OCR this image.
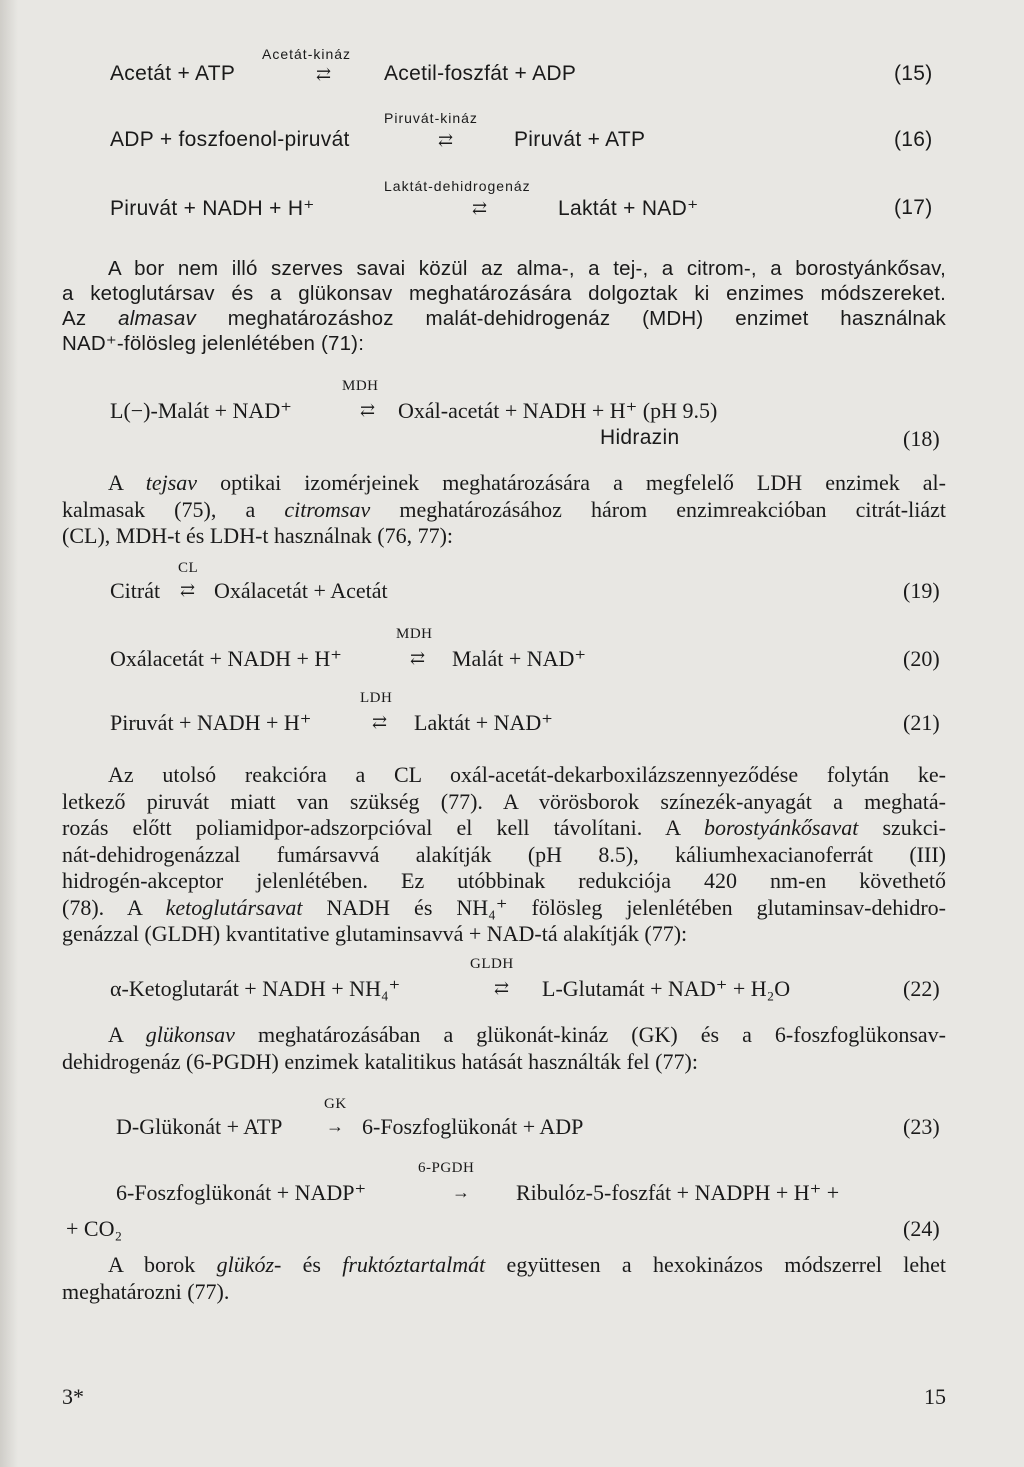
Acetát-kináz
Acetát + ATP	⇄	Acetil-foszfát + ADP	(15)
Piruvát-kináz
ADP + foszfoenol-piruvát	⇄	Piruvát + ATP	(16)
Laktát-dehidrogenáz
Piruvát + NADH + H⁺	⇄	Laktát + NAD⁺	(17)
A bor nem illó szerves savai közül az alma-, a tej-, a citrom-, a borostyánkősav,
a ketoglutársav és a glükonsav meghatározására dolgoztak ki enzimes módszereket.
Az almasav meghatározáshoz malát-dehidrogenáz (MDH) enzimet használnak
NAD⁺-fölösleg jelenlétében (71):
MDH
L(−)-Malát + NAD⁺	⇄ Oxál-acetát + NADH + H⁺ (pH 9.5)
Hidrazin	(18)
A tejsav optikai izomérjeinek meghatározására a megfelelő LDH enzimek al-
kalmasak (75), a citromsav meghatározásához három enzimreakcióban citrát-liázt
(CL), MDH-t és LDH-t használnak (76, 77):
CL
Citrát ⇄ Oxálacetát + Acetát	(19)
MDH
Oxálacetát + NADH + H⁺	⇄ Malát + NAD⁺	(20)
LDH
Piruvát + NADH + H⁺	⇄ Laktát + NAD⁺	(21)
Az utolsó reakcióra a CL oxál-acetát-dekarboxilázszennyeződése folytán ke-
letkező piruvát miatt van szükség (77). A vörösborok színezék-anyagát a meghatá-
rozás előtt poliamidpor-adszorpcióval el kell távolítani. A borostyánkősavat szukci-
nát-dehidrogenázzal fumársavvá alakítják (pH 8.5), káliumhexacianoferrát (III)
hidrogén-akceptor jelenlétében. Ez utóbbinak redukciója 420 nm-en követhető
(78). A ketoglutársavat NADH és NH₄⁺ fölösleg jelenlétében glutaminsav-dehidro-
genázzal (GLDH) kvantitative glutaminsavvá + NAD-tá alakítják (77):
GLDH
α-Ketoglutarát + NADH + NH₄⁺	⇄ L-Glutamát + NAD⁺ + H₂O	(22)
A glükonsav meghatározásában a glükonát-kináz (GK) és a 6-foszfoglükonsav-
dehidrogenáz (6-PGDH) enzimek katalitikus hatását használták fel (77):
GK
D-Glükonát + ATP → 6-Foszfoglükonát + ADP	(23)
6-PGDH
6-Foszfoglükonát + NADP⁺	→ Ribulóz-5-foszfát + NADPH + H⁺ +
+ CO₂	(24)
A borok glükóz- és fruktóztartalmát együttesen a hexokinázos módszerrel lehet
meghatározni (77).
3*	15
